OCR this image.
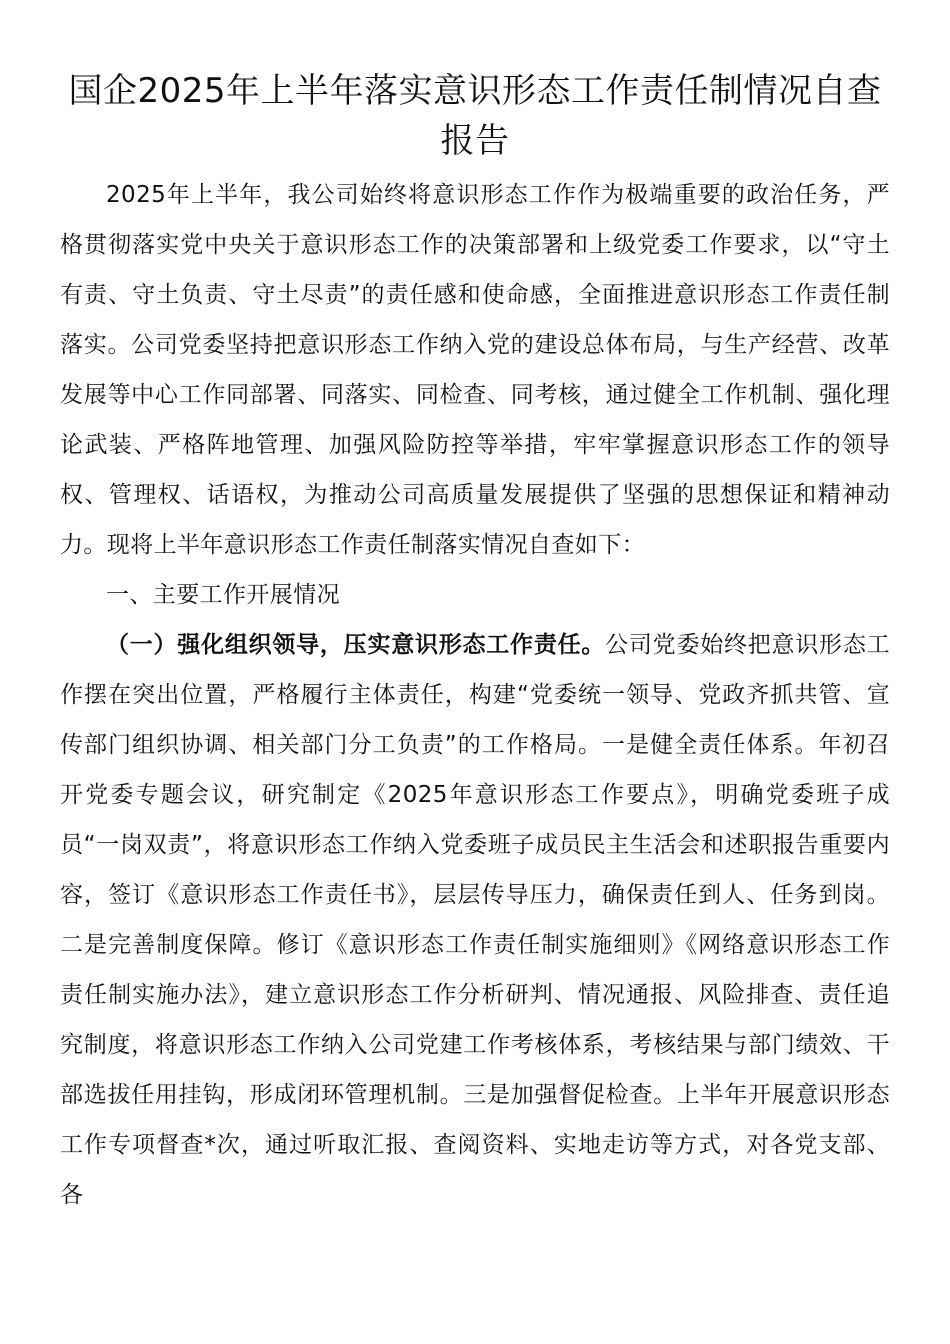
国企2025年上半年落实意识形态工作责任制情况自查报告

2025年上半年，我公司始终将意识形态工作作为极端重要的政治任务，严格贯彻落实党中央关于意识形态工作的决策部署和上级党委工作要求，以“守土有责、守土负责、守土尽责”的责任感和使命感，全面推进意识形态工作责任制落实。公司党委坚持把意识形态工作纳入党的建设总体布局，与生产经营、改革发展等中心工作同部署、同落实、同检查、同考核，通过健全工作机制、强化理论武装、严格阵地管理、加强风险防控等举措，牢牢掌握意识形态工作的领导权、管理权、话语权，为推动公司高质量发展提供了坚强的思想保证和精神动力。现将上半年意识形态工作责任制落实情况自查如下：

一、主要工作开展情况

（一）强化组织领导，压实意识形态工作责任。公司党委始终把意识形态工作摆在突出位置，严格履行主体责任，构建“党委统一领导、党政齐抓共管、宣传部门组织协调、相关部门分工负责”的工作格局。一是健全责任体系。年初召开党委专题会议，研究制定《2025年意识形态工作要点》，明确党委班子成员“一岗双责”，将意识形态工作纳入党委班子成员民主生活会和述职报告重要内容，签订《意识形态工作责任书》，层层传导压力，确保责任到人、任务到岗。二是完善制度保障。修订《意识形态工作责任制实施细则》《网络意识形态工作责任制实施办法》，建立意识形态工作分析研判、情况通报、风险排查、责任追究制度，将意识形态工作纳入公司党建工作考核体系，考核结果与部门绩效、干部选拔任用挂钩，形成闭环管理机制。三是加强督促检查。上半年开展意识形态工作专项督查*次，通过听取汇报、查阅资料、实地走访等方式，对各党支部、各
